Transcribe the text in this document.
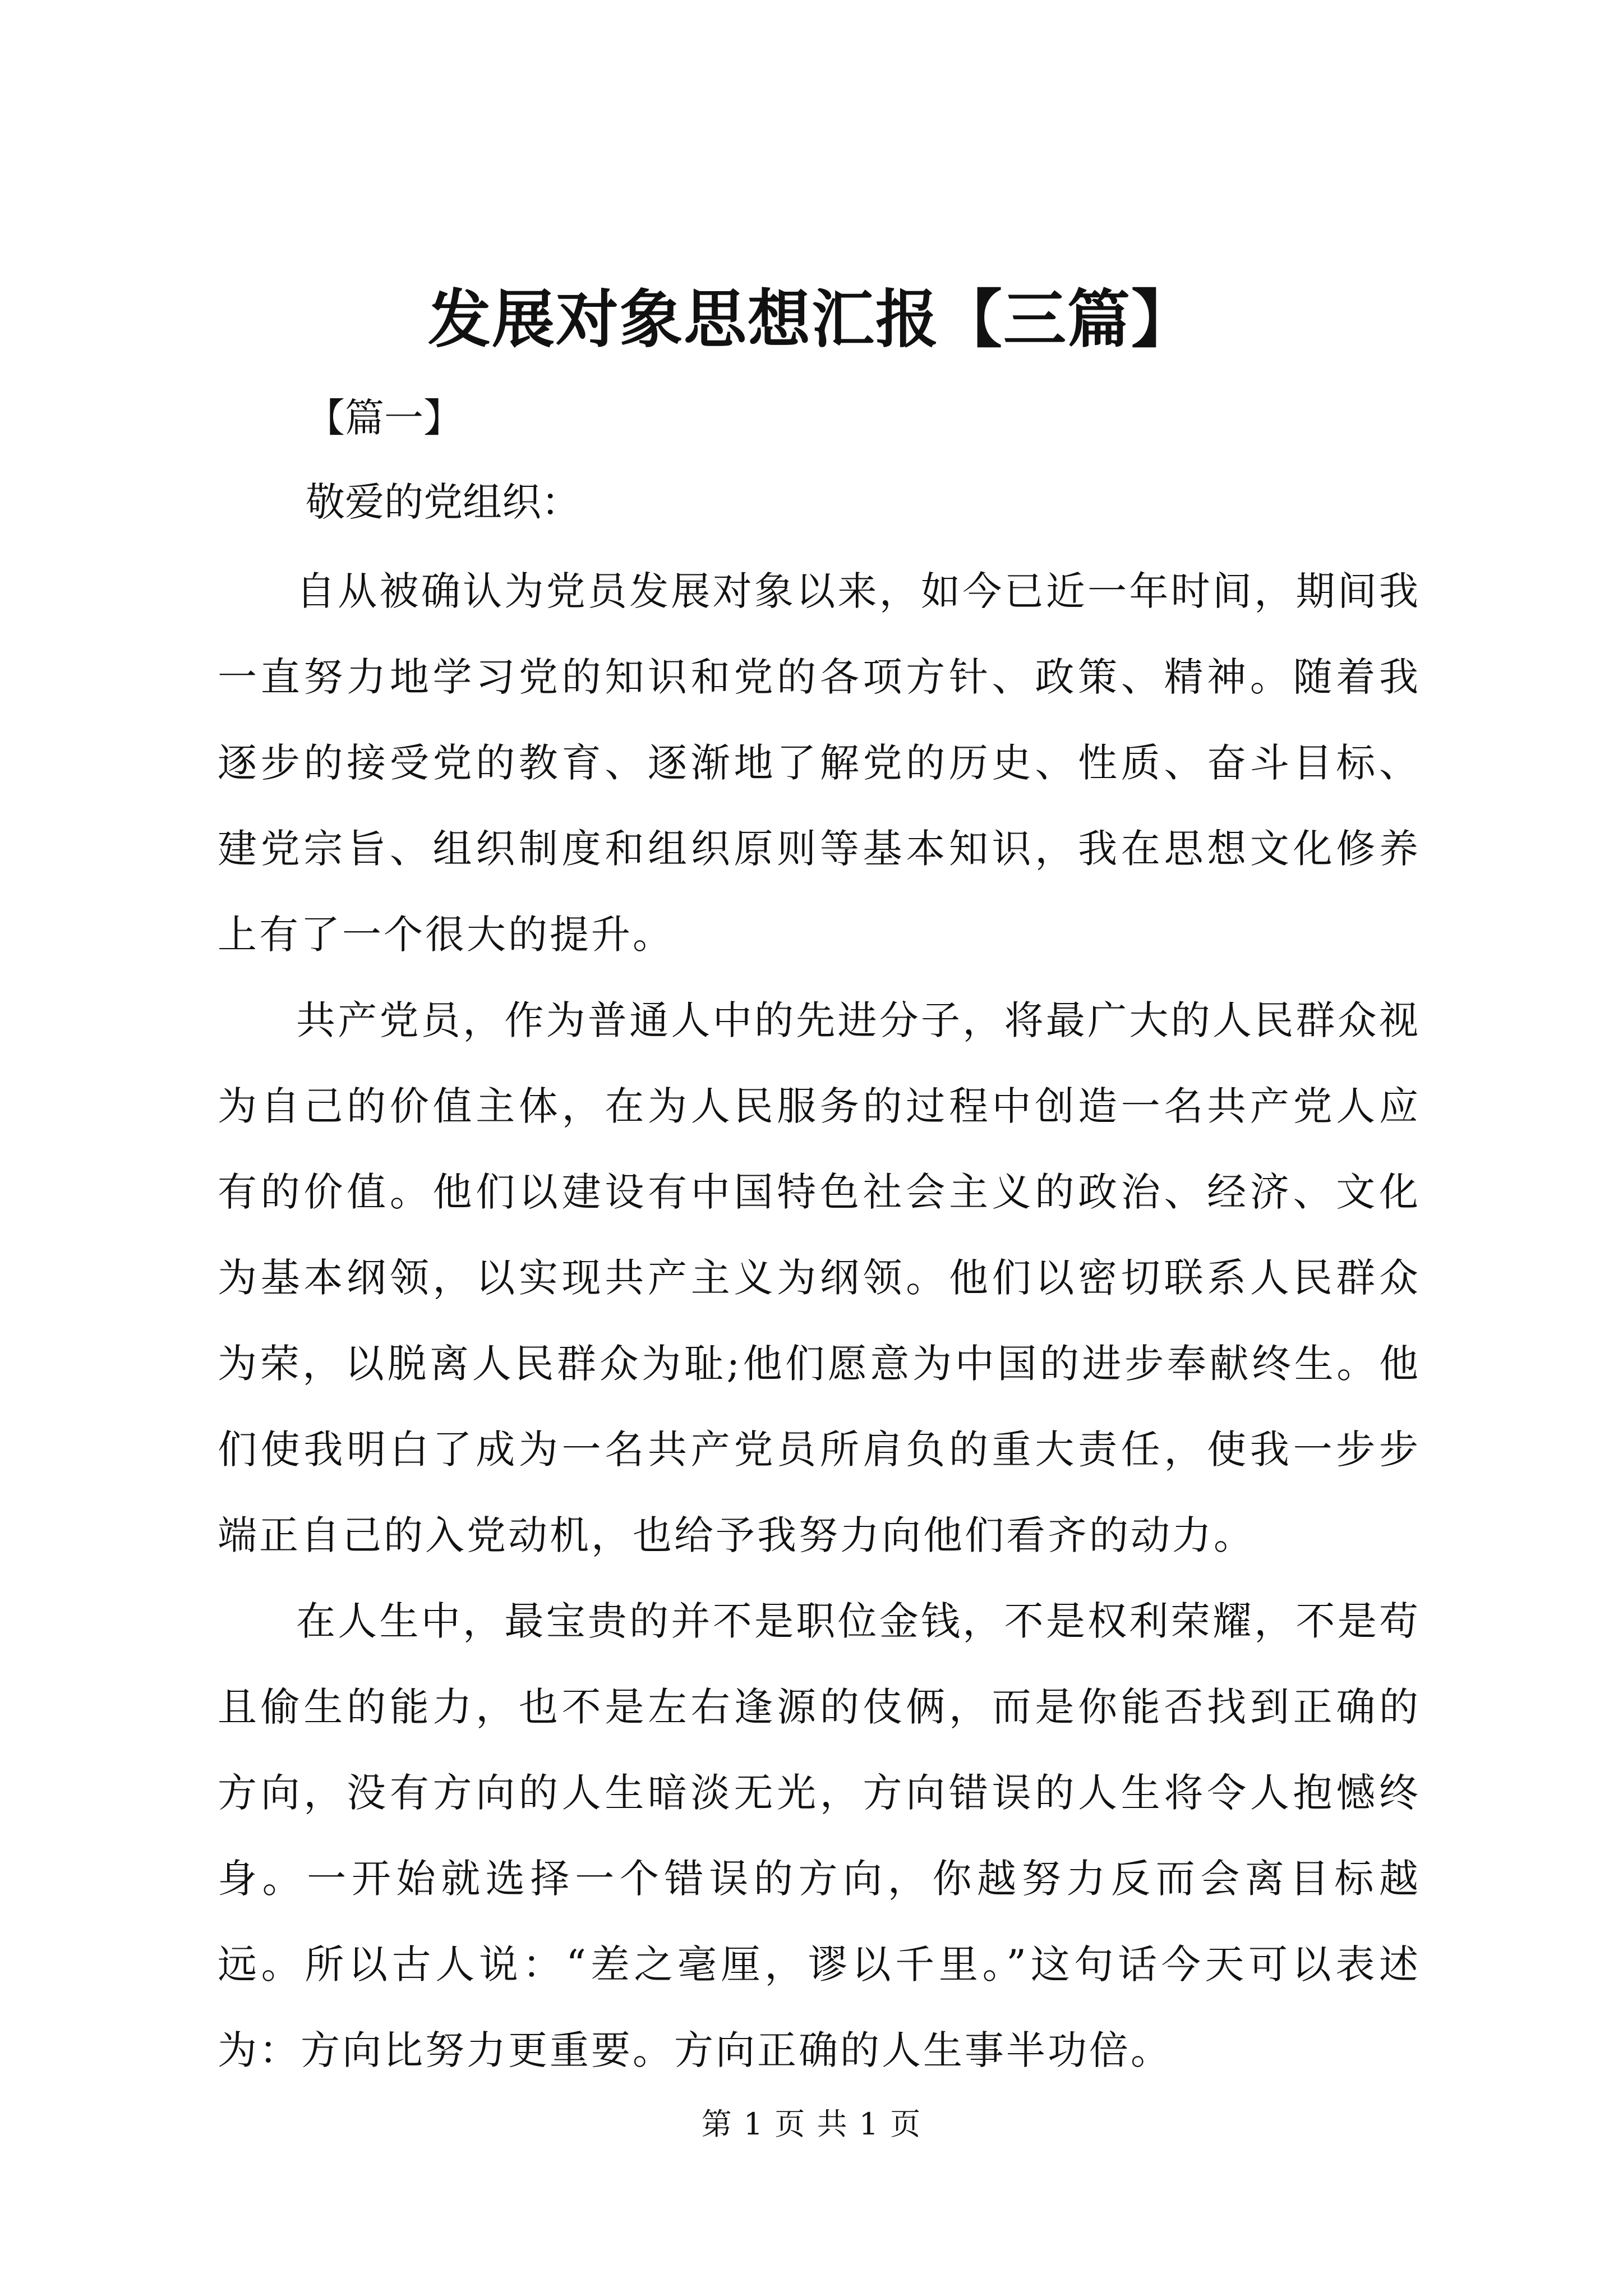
发展对象思想汇报【三篇】
【篇一】
敬爱的党组织：

自从被确认为党员发展对象以来，如今已近一年时间，期间我一直努力地学习党的知识和党的各项方针、政策、精神。随着我逐步的接受党的教育、逐渐地了解党的历史、性质、奋斗目标、建党宗旨、组织制度和组织原则等基本知识，我在思想文化修养上有了一个很大的提升。

共产党员，作为普通人中的先进分子，将最广大的人民群众视为自己的价值主体，在为人民服务的过程中创造一名共产党人应有的价值。他们以建设有中国特色社会主义的政治、经济、文化为基本纲领，以实现共产主义为纲领。他们以密切联系人民群众为荣，以脱离人民群众为耻;他们愿意为中国的进步奉献终生。他们使我明白了成为一名共产党员所肩负的重大责任，使我一步步端正自己的入党动机，也给予我努力向他们看齐的动力。

在人生中，最宝贵的并不是职位金钱，不是权利荣耀，不是苟且偷生的能力，也不是左右逢源的伎俩，而是你能否找到正确的方向，没有方向的人生暗淡无光，方向错误的人生将令人抱憾终身。一开始就选择一个错误的方向，你越努力反而会离目标越远。所以古人说：“差之毫厘，谬以千里。”这句话今天可以表述为：方向比努力更重要。方向正确的人生事半功倍。

第 1 页 共 1 页
